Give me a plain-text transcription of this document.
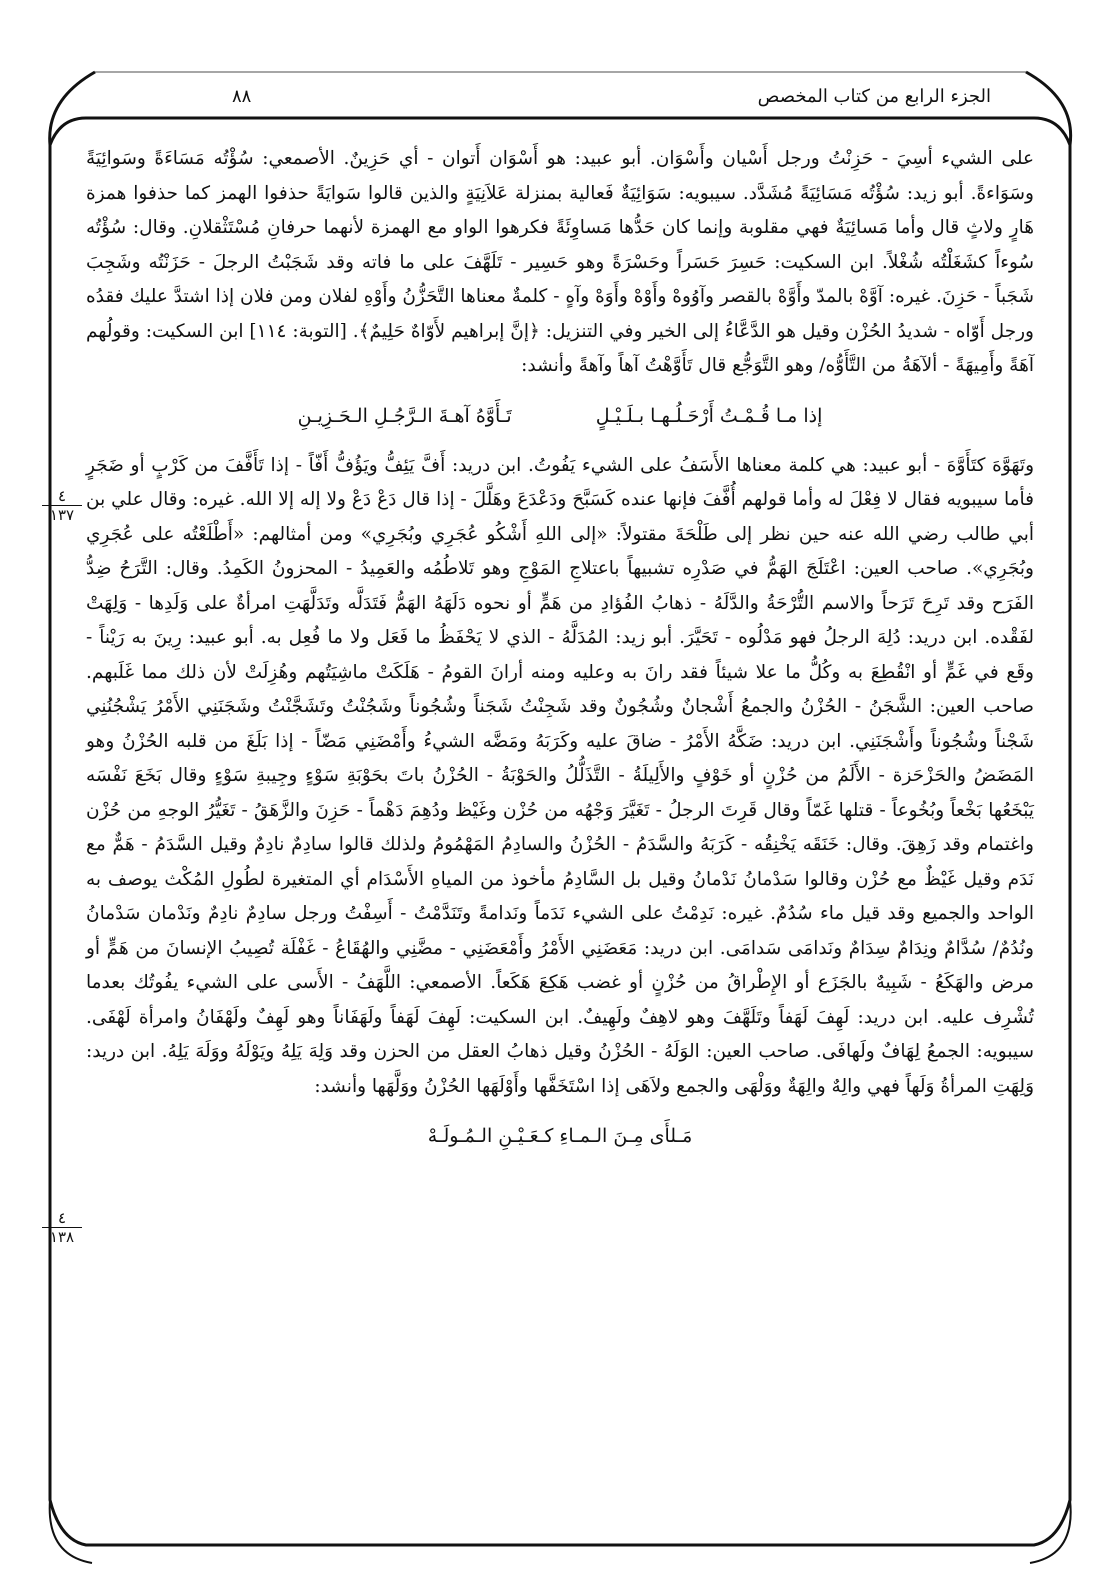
الجزء الرابع من كتاب المخصص
٨٨

على الشيء أسِيَ - حَزِنْتُ ورجل أَسْيان وأَسْوَان. أبو عبيد: هو أَسْوَان أَتوان - أي حَزِينٌ. الأصمعي: سُؤْتُه مَسَاءَةً وسَوائِيَةً وسَوَاءةً. أبو زيد: سُؤْتُه مَسَائِيَةً مُشَدَّد. سيبويه: سَوَائِيَةٌ فَعالية بمنزلة عَلاَنِيَةٍ والذين قالوا سَوايَةً حذفوا الهمز كما حذفوا همزة هَارٍ ولاثٍ قال وأما مَسائِيَةٌ فهي مقلوبة وإنما كان حَدُّها مَساوِئَةً فكرهوا الواو مع الهمزة لأنهما حرفانِ مُسْتَثْقلانِ. وقال: سُؤْتُه سُوءاً كشَغَلْتُه شُغْلاً. ابن السكيت: حَسِرَ حَسَراً وحَسْرَةً وهو حَسِير - تَلَهَّفَ على ما فاته وقد شَجَبْتُ الرجلَ - حَزَنْتُه وشَجِبَ شَجَباً - حَزِنَ. غيره: آوَّهْ بالمدّ وأَوَّهْ بالقصر وآوُوهْ وأَوْهْ وأَوَهْ وآهٍ - كلمةٌ معناها التَّحَزُّنُ وأَوْهِ لفلان ومن فلان إذا اشتدَّ عليك فقدُه ورجل أَوّاه - شديدُ الحُزْن وقيل هو الدَّعَّاءُ إلى الخير وفي التنزيل: ﴿إنَّ إبراهيم لأَوّاهٌ حَلِيمٌ﴾. [التوبة: ١١٤] ابن السكيت: وقولُهم آهَةً وأَمِيهَةً - ألآهَةُ من التَّأَوُّه/ وهو التَّوَجُّع قال تَأَوَّهْتُ آهاً وآهةً وأنشد:

إذا مـا قُـمْـتُ أَرْحَـلُـهـا بـلَـيْـلٍ  تَـأَوَّهُ آهـةَ الـرَّجُـلِ الـحَـزِيـنِ

وتَهَوَّهَ كتَأَوَّهَ - أبو عبيد: هي كلمة معناها الأَسَفُ على الشيء يَفُوتُ. ابن دريد: أَفَّ يَئِفُّ ويَؤُفُّ أَفّاً - إذا تَأَفَّفَ من كَرْبٍ أو ضَجَرٍ فأما سيبويه فقال لا فِعْلَ له وأما قولهم أُفَّفَ فإنها عنده كَسَبَّحَ ودَعْدَعَ وهَلَّلَ - إذا قال دَعْ دَعْ ولا إله إلا الله. غيره: وقال علي بن أبي طالب رضي الله عنه حين نظر إلى طَلْحَةَ مقتولاً: «إلى اللهِ أَشْكُو عُجَرِي وبُجَرِي» ومن أمثالهم: «أَطْلَعْتُه على عُجَرِي وبُجَرِي». صاحب العين: اعْتَلَجَ الهَمُّ في صَدْرِه تشبيهاً باعتلاجِ المَوْجِ وهو تَلاطُمُه والعَمِيدُ - المحزونُ الكَمِدُ. وقال: التَّرَحُ ضِدُّ الفَرَح وقد تَرِحَ تَرَحاً والاسم التُّرْحَةُ والدَّلَهُ - ذهابُ الفُؤادِ من هَمٍّ أو نحوه دَلَهَهُ الهَمُّ فَتَدَلَّه وتَدَلَّهَتِ امرأةٌ على وَلَدِها - وَلِهَتْ لفَقْده. ابن دريد: دُلِهَ الرجلُ فهو مَدْلُوه - تَحَيَّرَ. أبو زيد: المُدَلَّهُ - الذي لا يَحْفَظُ ما فَعَل ولا ما فُعِل به. أبو عبيد: رِينَ به رَيْناً - وقَع في غَمٍّ أو انْقُطِعَ به وكُلُّ ما علا شيئاً فقد رانَ به وعليه ومنه أرانَ القومُ - هَلَكَتْ ماشِيَتُهم وهُزِلَتْ لأن ذلك مما غَلَبهم. صاحب العين: الشَّجَنُ - الحُزْنُ والجمعُ أَشْجانٌ وشُجُونٌ وقد شَجِنْتُ شَجَناً وشُجُوناً وشَجُنْتُ وتَشَجَّنْتُ وشَجَنَنِي الأَمْرُ يَشْجُنُنِي شَجْناً وشُجُوناً وأَشْجَنَنِي. ابن دريد: ضَكَّهُ الأَمْرُ - ضاقَ عليه وكَرَبَهُ ومَضَّه الشيءُ وأَمْضَنِي مَضّاً - إذا بَلَغَ من قلبه الحُزْنُ وهو المَضَضُ والحَزْحَزة - الأَلَمُ من حُزْنٍ أو خَوْفٍ والأَلِيلَةُ - التَّذَلُّلُ والحَوْبَةُ - الحُزْنُ باتَ بحَوْبَةِ سَوْءٍ وجِيبةِ سَوْءٍ وقال بَخَعَ نَفْسَه يَبْخَعُها بَخْعاً وبُخُوعاً - قتلها غَمّاً وقال قَرِتَ الرجلُ - تَغَيَّرَ وَجْهُه من حُزْن وغَيْظ ودُهِمَ دَهْماً - حَزِنَ والزَّهَقُ - تَغَيُّرُ الوجهِ من حُزْن واغتمام وقد زَهِقَ. وقال: خَنَقَه يَخْنِقُه - كَرَبَهُ والسَّدَمُ - الحُزْنُ والسادِمُ المَهْمُومُ ولذلك قالوا سادِمٌ نادِمٌ وقيل السَّدَمُ - هَمٌّ مع نَدَم وقيل غَيْظٌ مع حُزْن وقالوا سَدْمانُ نَدْمانُ وقيل بل السَّادِمُ مأخوذ من المياهِ الأَسْدَام أي المتغيرة لطُولِ المُكْث يوصف به الواحد والجميع وقد قيل ماء سُدُمٌ. غيره: نَدِمْتُ على الشيء نَدَماً ونَدامةً وتَنَدَّمْتُ - أَسِفْتُ ورجل سادِمٌ نادِمٌ ونَدْمان سَدْمانُ ونُدُمٌ/ سُدَّامٌ ونِدَامٌ سِدَامٌ ونَدامَى سَدامَى. ابن دريد: مَعَضَنِي الأَمْرُ وأَمْعَضَنِي - مضَّنِي والهُقَاعُ - غَفْلَة تُصِيبُ الإنسانَ من هَمٍّ أو مرض والهَكَعُ - شَبِيهٌ بالجَزَع أو الإِطْراقُ من حُزْنٍ أو غضب هَكِعَ هَكَعاً. الأصمعي: اللَّهَفُ - الأَسى على الشيء يفُوتُك بعدما تُشْرِف عليه. ابن دريد: لَهِفَ لَهَفاً وتَلَهَّفَ وهو لاهِفٌ ولَهِيفٌ. ابن السكيت: لَهِفَ لَهَفاً ولَهَفَاناً وهو لَهِفٌ ولَهْفَانُ وامرأة لَهْفَى. سيبويه: الجمعُ لِهَافٌ ولَهافَى. صاحب العين: الوَلَهُ - الحُزْنُ وقيل ذهابُ العقل من الحزن وقد وَلِهَ يَلِهُ ويَوْلَهُ ووَلَهَ يَلِهُ. ابن دريد: وَلِهَتِ المرأةُ وَلَهاً فهي والِهٌ والِهَةٌ ووَلْهَى والجمع ولاَهَى إذا اسْتَخَفَّها وأَوْلَهَها الحُزْنُ ووَلَّهَها وأنشد:

مَـلأَى مِـنَ الـمـاءِ كـعَـيْـنِ الـمُـولَـهْ
٤
١٣٧
٤
١٣٨
